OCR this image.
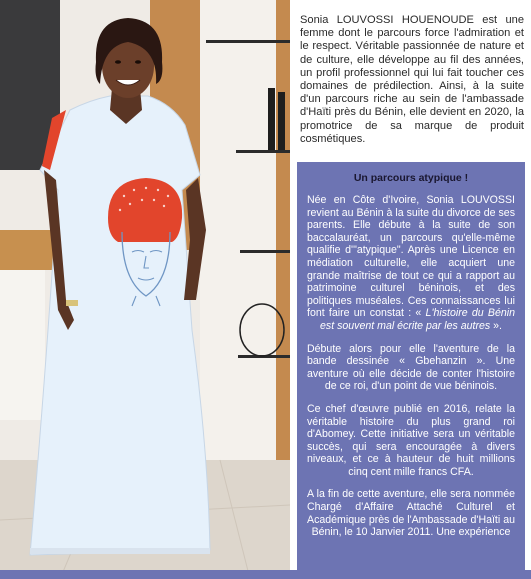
Sonia LOUVOSSI HOUENOUDE est une femme dont le parcours force l'admiration et le respect. Véritable passionnée de nature et de culture, elle développe au fil des années, un profil professionnel qui lui fait toucher ces domaines de prédilection. Ainsi, à la suite d'un parcours riche au sein de l'ambassade d'Haïti près du Bénin, elle devient en 2020, la promotrice de sa marque de produit cosmétiques.

Un parcours atypique !

Née en Côte d'Ivoire, Sonia LOUVOSSI revient au Bénin à la suite du divorce de ses parents. Elle débute à la suite de son baccalauréat, un parcours qu'elle-même qualifie d'"atypique". Après une Licence en médiation culturelle, elle acquiert une grande maîtrise de tout ce qui a rapport au patrimoine culturel béninois, et des politiques muséales. Ces connaissances lui font faire un constat : « L'histoire du Bénin est souvent mal écrite par les autres ».

Débute alors pour elle l'aventure de la bande dessinée « Gbehanzin ». Une aventure où elle décide de conter l'histoire de ce roi, d'un point de vue béninois.

Ce chef d'œuvre publié en 2016, relate la véritable histoire du plus grand roi d'Abomey. Cette initiative sera un véritable succès, qui sera encouragée à divers niveaux, et ce à hauteur de huit millions cinq cent mille francs CFA.

A la fin de cette aventure, elle sera nommée Chargé d'Affaire Attaché Culturel et Académique près de l'Ambassade d'Haïti au Bénin, le 10 Janvier 2011. Une expérience
